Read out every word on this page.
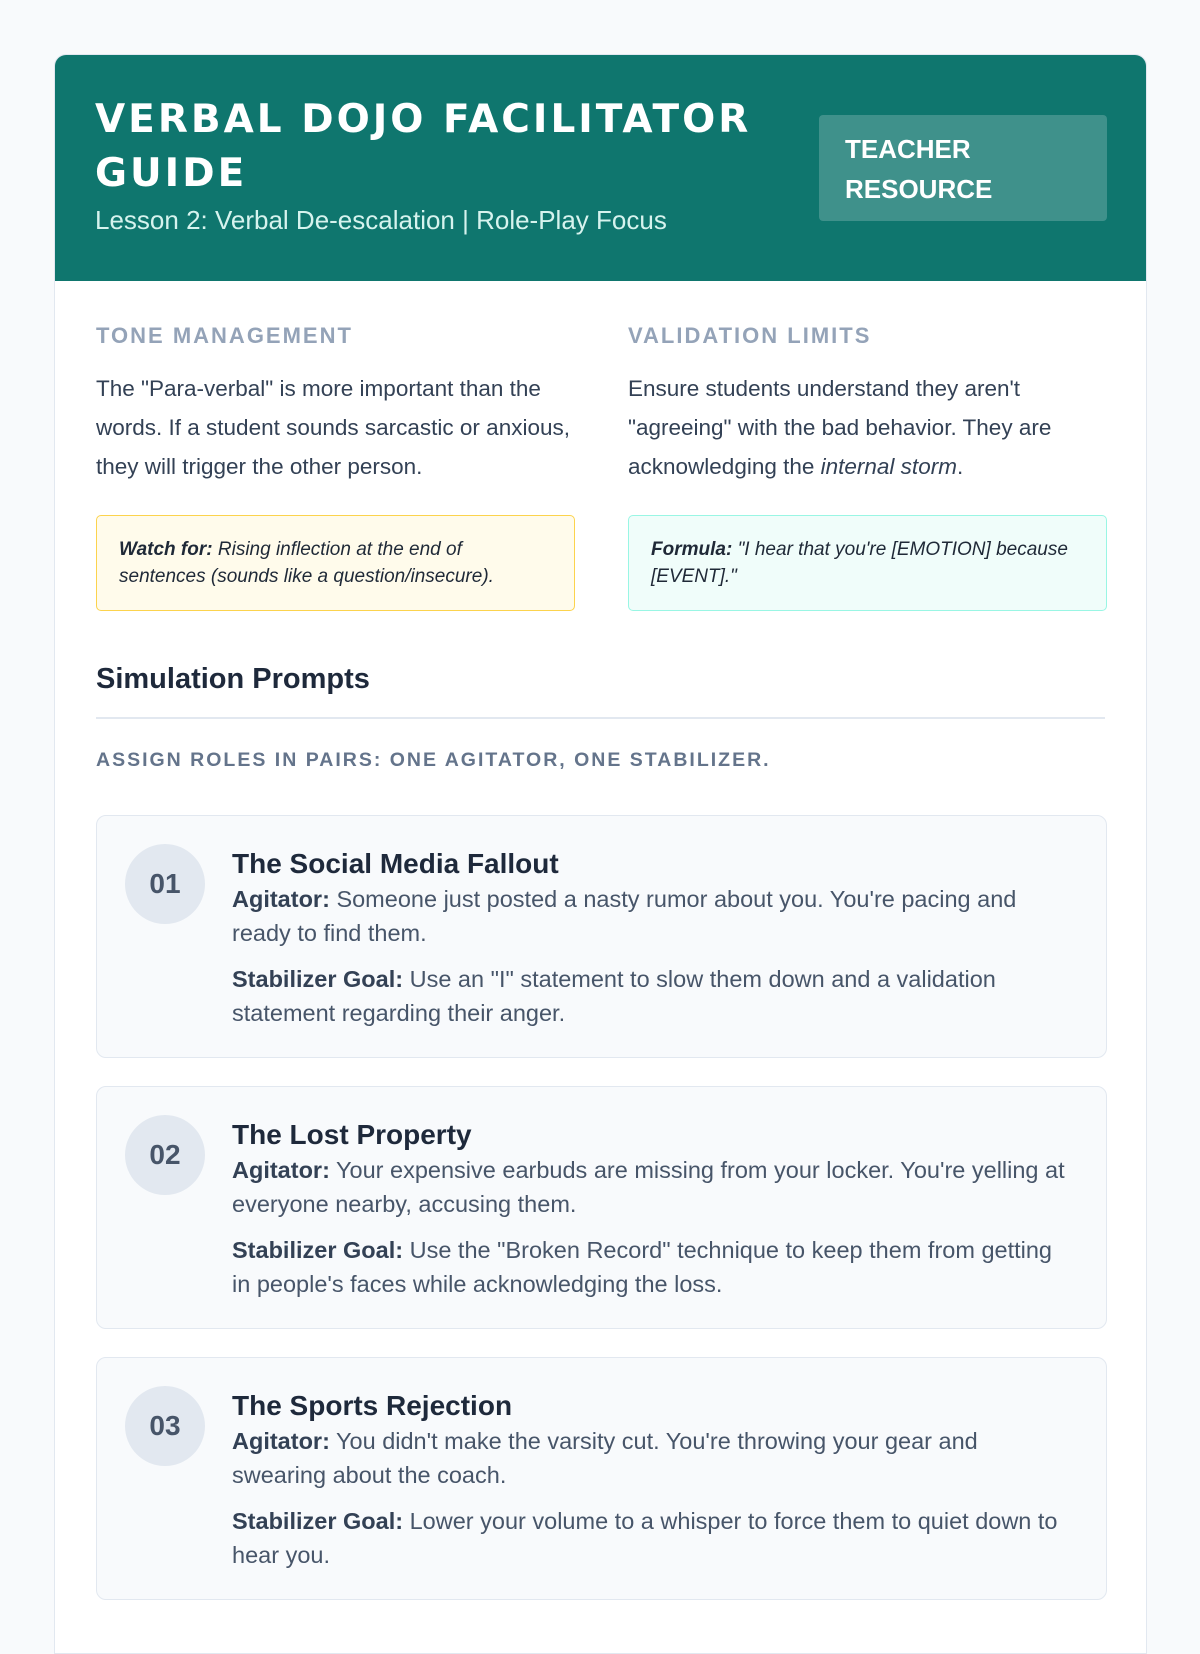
VERBAL DOJO FACILITATOR GUIDE
Lesson 2: Verbal De-escalation | Role-Play Focus
TEACHER RESOURCE
TONE MANAGEMENT
The "Para-verbal" is more important than the words. If a student sounds sarcastic or anxious, they will trigger the other person.
Watch for: Rising inflection at the end of sentences (sounds like a question/insecure).
VALIDATION LIMITS
Ensure students understand they aren't "agreeing" with the bad behavior. They are acknowledging the internal storm.
Formula: "I hear that you're [EMOTION] because [EVENT]."
Simulation Prompts
ASSIGN ROLES IN PAIRS: ONE AGITATOR, ONE STABILIZER.
01
The Social Media Fallout
Agitator: Someone just posted a nasty rumor about you. You're pacing and ready to find them.
Stabilizer Goal: Use an "I" statement to slow them down and a validation statement regarding their anger.
02
The Lost Property
Agitator: Your expensive earbuds are missing from your locker. You're yelling at everyone nearby, accusing them.
Stabilizer Goal: Use the "Broken Record" technique to keep them from getting in people's faces while acknowledging the loss.
03
The Sports Rejection
Agitator: You didn't make the varsity cut. You're throwing your gear and swearing about the coach.
Stabilizer Goal: Lower your volume to a whisper to force them to quiet down to hear you.
